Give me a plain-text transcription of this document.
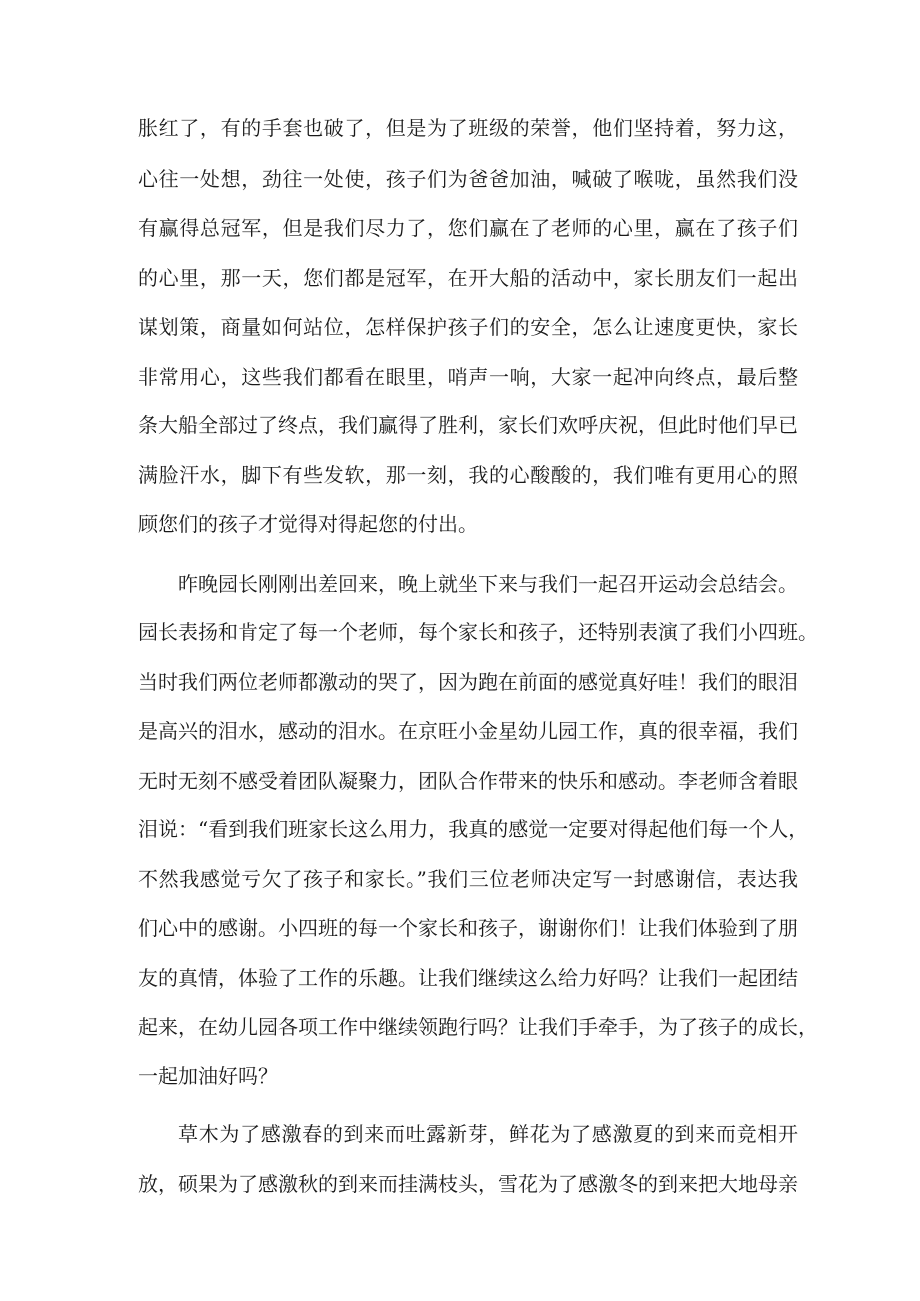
胀红了，有的手套也破了，但是为了班级的荣誉，他们坚持着，努力这，
心往一处想，劲往一处使，孩子们为爸爸加油，喊破了喉咙，虽然我们没
有赢得总冠军，但是我们尽力了，您们赢在了老师的心里，赢在了孩子们
的心里，那一天，您们都是冠军，在开大船的活动中，家长朋友们一起出
谋划策，商量如何站位，怎样保护孩子们的安全，怎么让速度更快，家长
非常用心，这些我们都看在眼里，哨声一响，大家一起冲向终点，最后整
条大船全部过了终点，我们赢得了胜利，家长们欢呼庆祝，但此时他们早已
满脸汗水，脚下有些发软，那一刻，我的心酸酸的，我们唯有更用心的照
顾您们的孩子才觉得对得起您的付出。
昨晚园长刚刚出差回来，晚上就坐下来与我们一起召开运动会总结会。
园长表扬和肯定了每一个老师，每个家长和孩子，还特别表演了我们小四班。
当时我们两位老师都激动的哭了，因为跑在前面的感觉真好哇！我们的眼泪
是高兴的泪水，感动的泪水。在京旺小金星幼儿园工作，真的很幸福，我们
无时无刻不感受着团队凝聚力，团队合作带来的快乐和感动。李老师含着眼
泪说：“看到我们班家长这么用力，我真的感觉一定要对得起他们每一个人，
不然我感觉亏欠了孩子和家长。”我们三位老师决定写一封感谢信，表达我
们心中的感谢。小四班的每一个家长和孩子，谢谢你们！让我们体验到了朋
友的真情，体验了工作的乐趣。让我们继续这么给力好吗？让我们一起团结
起来，在幼儿园各项工作中继续领跑行吗？让我们手牵手，为了孩子的成长，
一起加油好吗？
草木为了感激春的到来而吐露新芽，鲜花为了感激夏的到来而竞相开
放，硕果为了感激秋的到来而挂满枝头，雪花为了感激冬的到来把大地母亲
